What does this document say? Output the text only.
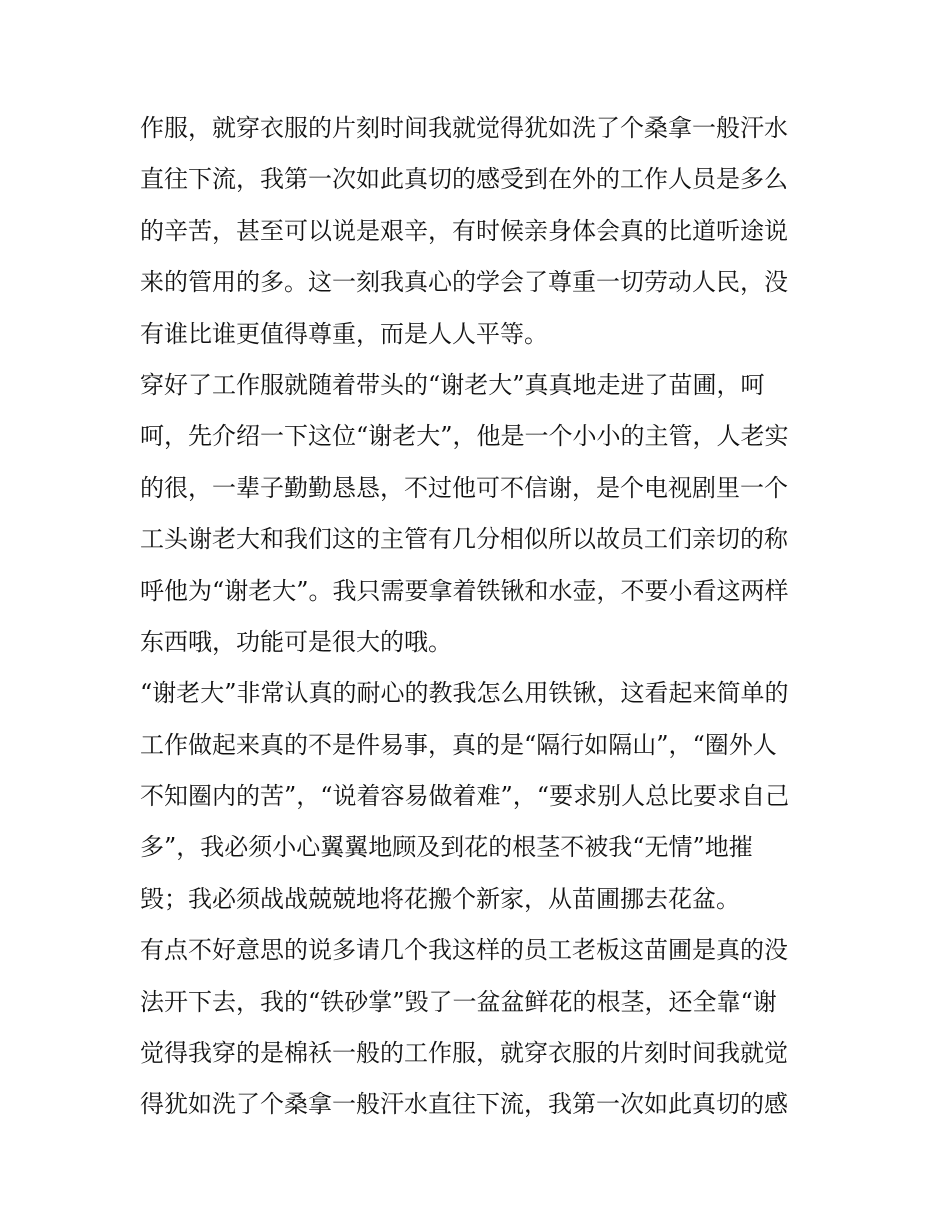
作服，就穿衣服的片刻时间我就觉得犹如洗了个桑拿一般汗水
直往下流，我第一次如此真切的感受到在外的工作人员是多么
的辛苦，甚至可以说是艰辛，有时候亲身体会真的比道听途说
来的管用的多。这一刻我真心的学会了尊重一切劳动人民，没
有谁比谁更值得尊重，而是人人平等。
穿好了工作服就随着带头的“谢老大”真真地走进了苗圃，呵
呵，先介绍一下这位“谢老大”，他是一个小小的主管，人老实
的很，一辈子勤勤恳恳，不过他可不信谢，是个电视剧里一个
工头谢老大和我们这的主管有几分相似所以故员工们亲切的称
呼他为“谢老大”。我只需要拿着铁锹和水壶，不要小看这两样
东西哦，功能可是很大的哦。
“谢老大”非常认真的耐心的教我怎么用铁锹，这看起来简单的
工作做起来真的不是件易事，真的是“隔行如隔山”，“圈外人
不知圈内的苦”，“说着容易做着难”，“要求别人总比要求自己
多”，我必须小心翼翼地顾及到花的根茎不被我“无情”地摧
毁；我必须战战兢兢地将花搬个新家，从苗圃挪去花盆。
有点不好意思的说多请几个我这样的员工老板这苗圃是真的没
法开下去，我的“铁砂掌”毁了一盆盆鲜花的根茎，还全靠“谢
觉得我穿的是棉袄一般的工作服，就穿衣服的片刻时间我就觉
得犹如洗了个桑拿一般汗水直往下流，我第一次如此真切的感
